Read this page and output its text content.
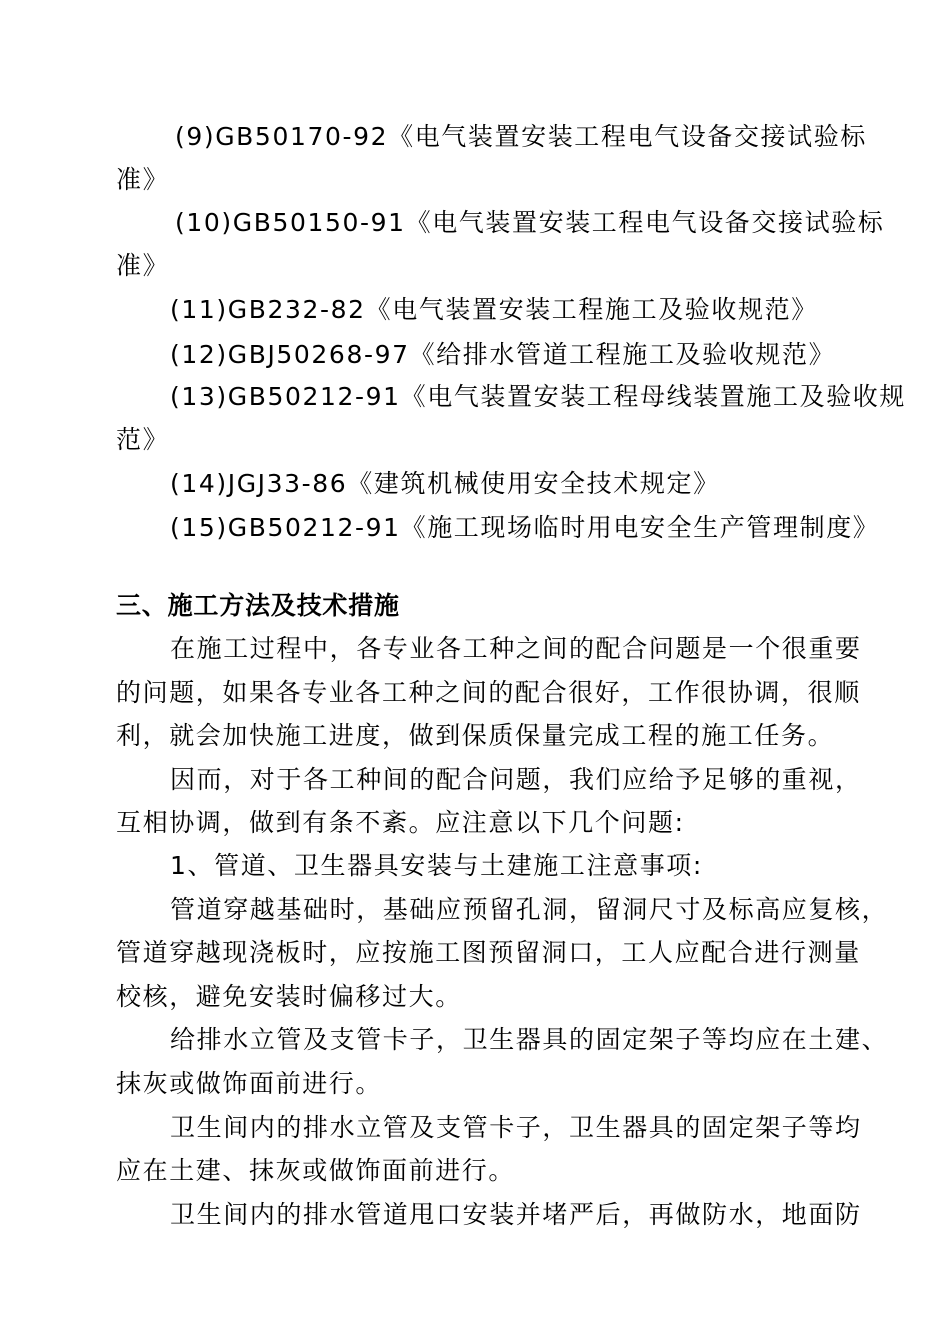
(9)GB50170-92《电气装置安装工程电气设备交接试验标
准》
(10)GB50150-91《电气装置安装工程电气设备交接试验标
准》
(11)GB232-82《电气装置安装工程施工及验收规范》
(12)GBJ50268-97《给排水管道工程施工及验收规范》
(13)GB50212-91《电气装置安装工程母线装置施工及验收规
范》
(14)JGJ33-86《建筑机械使用安全技术规定》
(15)GB50212-91《施工现场临时用电安全生产管理制度》
三、施工方法及技术措施
在施工过程中，各专业各工种之间的配合问题是一个很重要
的问题，如果各专业各工种之间的配合很好，工作很协调，很顺
利，就会加快施工进度，做到保质保量完成工程的施工任务。
因而，对于各工种间的配合问题，我们应给予足够的重视，
互相协调，做到有条不紊。应注意以下几个问题:
1、管道、卫生器具安装与土建施工注意事项:
管道穿越基础时，基础应预留孔洞，留洞尺寸及标高应复核，
管道穿越现浇板时，应按施工图预留洞口，工人应配合进行测量
校核，避免安装时偏移过大。
给排水立管及支管卡子，卫生器具的固定架子等均应在土建、
抹灰或做饰面前进行。
卫生间内的排水立管及支管卡子，卫生器具的固定架子等均
应在土建、抹灰或做饰面前进行。
卫生间内的排水管道甩口安装并堵严后，再做防水，地面防
